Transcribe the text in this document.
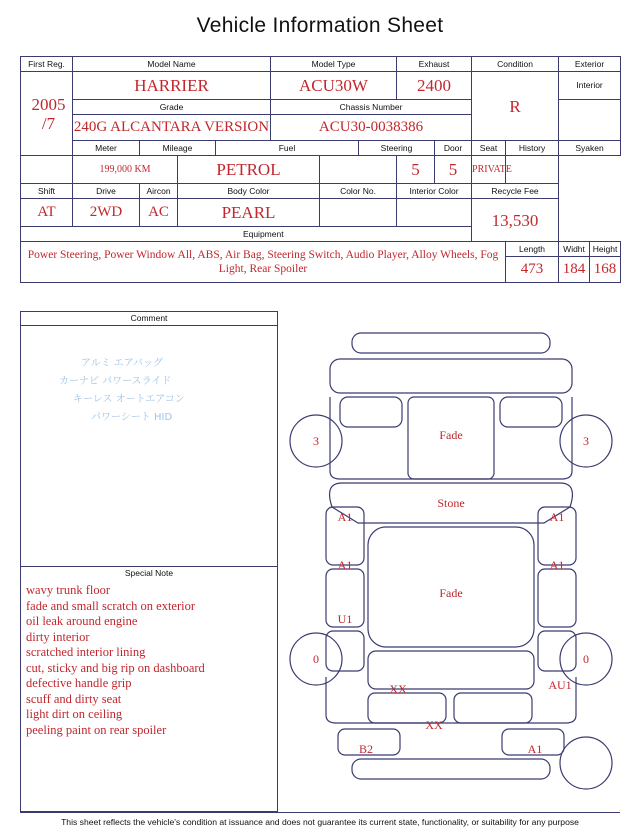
Vehicle Information Sheet
First Reg.	Model Name	Model Type	Exhaust	Condition	Exterior

2005
/7
	HARRIER	ACU30W	2400	R	Interior
Grade	Chassis Number	
240G ALCANTARA VERSION	ACU30-0038386
Meter	Mileage	Fuel	Steering	Door	Seat	History	Syaken
	199,000 KM	PETROL		5	5	PRIVATE	
Shift	Drive	Aircon	Body Color	Color No.	Interior Color	Recycle Fee
AT	2WD	AC	PEARL			13,530
Equipment
Power Steering, Power Window All, ABS, Air Bag, Steering Switch, Audio Player, Alloy Wheels, Fog Light, Rear Spoiler	Length	Widht	Height

473	184	168
Comment
アルミ エアバッグ
カーナビ パワースライド
キーレス オートエアコン
パワーシート HID
Special Note
wavy trunk floor
fade and small scratch on exterior
oil leak around engine
dirty interior
scratched interior lining
cut, sticky and big rip on dashboard
defective handle grip
scuff and dirty seat
light dirt on ceiling
peeling paint on rear spoiler
3	3
Fade
Stone
Fade
A1	A1
A1	A1
U1
0	0
AU1
XX
XX
B2	A1
This sheet reflects the vehicle's condition at issuance and does not guarantee its current state, functionality, or suitability for any purpose
